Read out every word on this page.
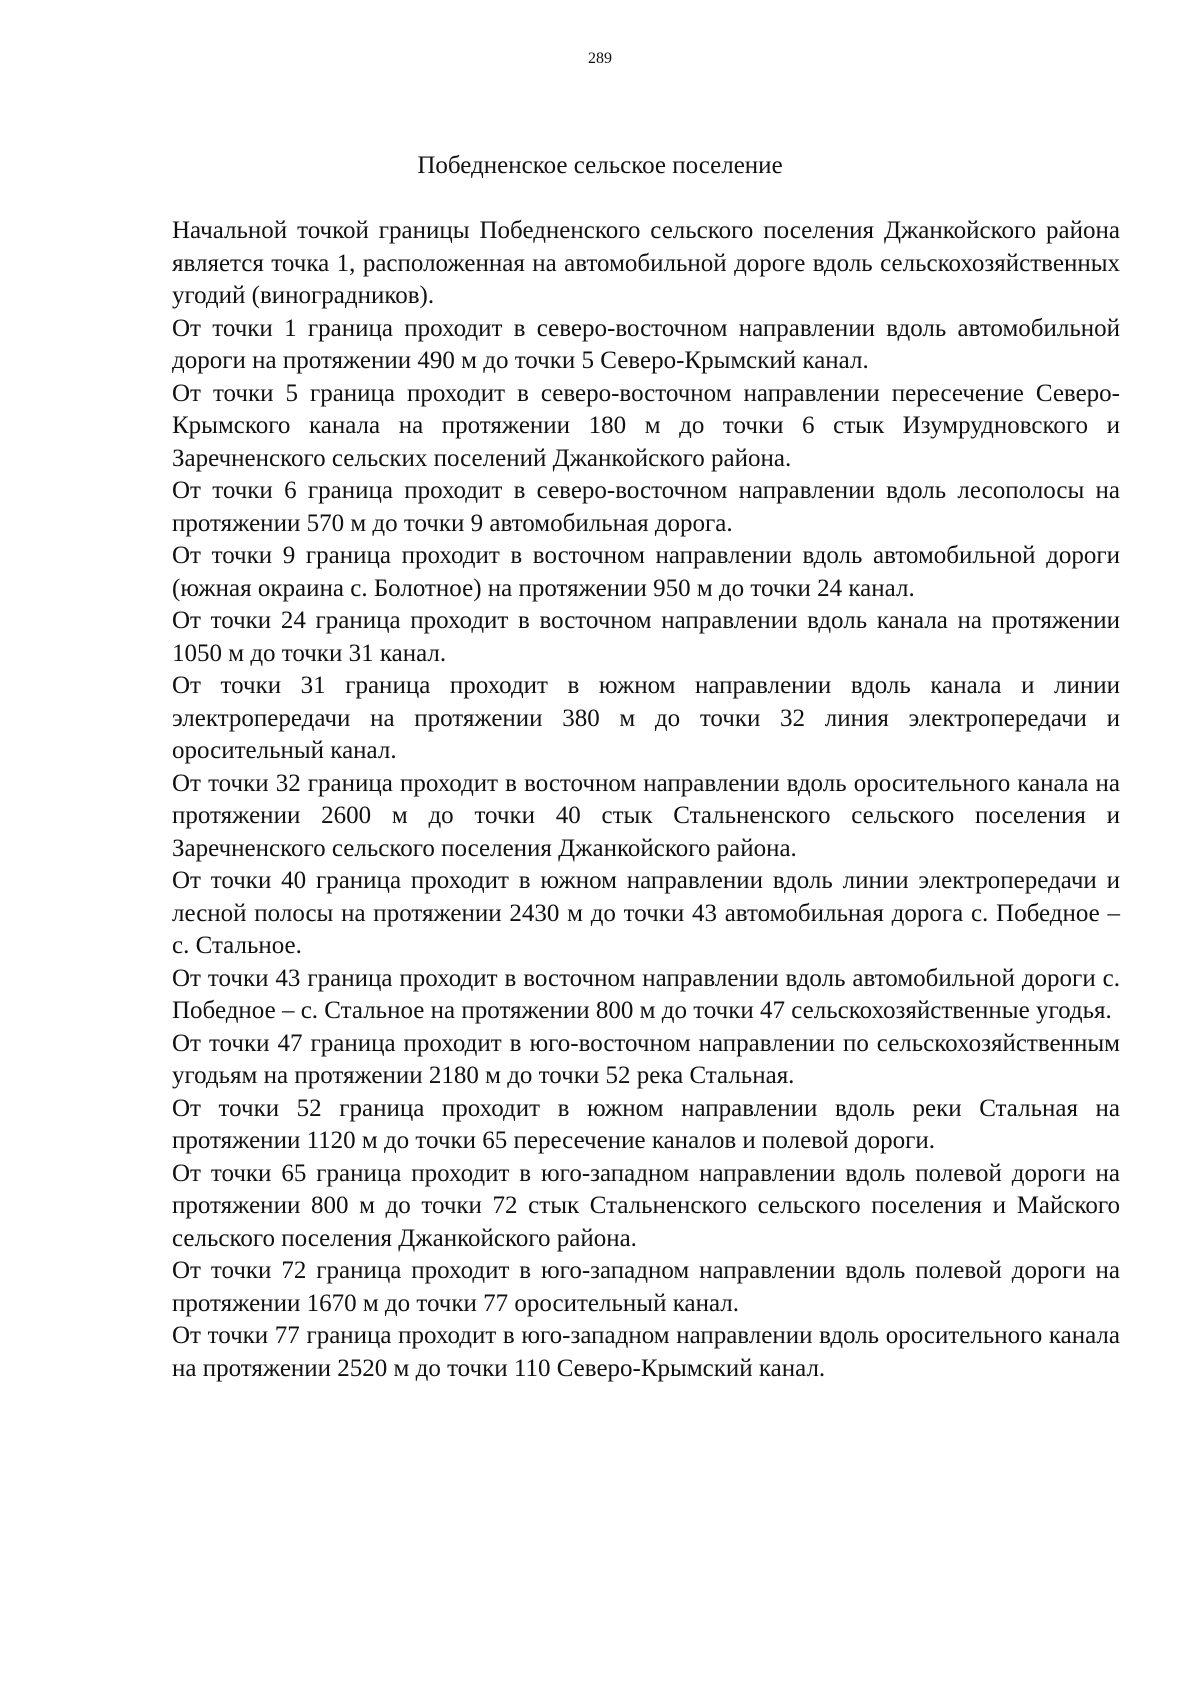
289
Победненское сельское поселение

Начальной точкой границы Победненского сельского поселения Джанкойского района является точка 1, расположенная на автомобильной дороге вдоль сельскохозяйственных угодий (виноградников).

От точки 1 граница проходит в северо-восточном направлении вдоль автомобильной дороги на протяжении 490 м до точки 5 Северо-Крымский канал.

От точки 5 граница проходит в северо-восточном направлении пересечение Северо-Крымского канала на протяжении 180 м до точки 6 стык Изумрудновского и Заречненского сельских поселений Джанкойского района.

От точки 6 граница проходит в северо-восточном направлении вдоль лесополосы на протяжении 570 м до точки 9 автомобильная дорога.

От точки 9 граница проходит в восточном направлении вдоль автомобильной дороги (южная окраина с. Болотное) на протяжении 950 м до точки 24 канал.

От точки 24 граница проходит в восточном направлении вдоль канала на протяжении 1050 м до точки 31 канал.

От точки 31 граница проходит в южном направлении вдоль канала и линии электропередачи на протяжении 380 м до точки 32 линия электропередачи и оросительный канал.

От точки 32 граница проходит в восточном направлении вдоль оросительного канала на протяжении 2600 м до точки 40 стык Стальненского сельского поселения и Заречненского сельского поселения Джанкойского района.

От точки 40 граница проходит в южном направлении вдоль линии электропередачи и лесной полосы на протяжении 2430 м до точки 43 автомобильная дорога с. Победное – с. Стальное.

От точки 43 граница проходит в восточном направлении вдоль автомобильной дороги с. Победное – с. Стальное на протяжении 800 м до точки 47 сельскохозяйственные угодья.

От точки 47 граница проходит в юго-восточном направлении по сельскохозяйственным угодьям на протяжении 2180 м до точки 52 река Стальная.

От точки 52 граница проходит в южном направлении вдоль реки Стальная на протяжении 1120 м до точки 65 пересечение каналов и полевой дороги.

От точки 65 граница проходит в юго-западном направлении вдоль полевой дороги на протяжении 800 м до точки 72 стык Стальненского сельского поселения и Майского сельского поселения Джанкойского района.

От точки 72 граница проходит в юго-западном направлении вдоль полевой дороги на протяжении 1670 м до точки 77 оросительный канал.

От точки 77 граница проходит в юго-западном направлении вдоль оросительного канала на протяжении 2520 м до точки 110 Северо-Крымский канал.
